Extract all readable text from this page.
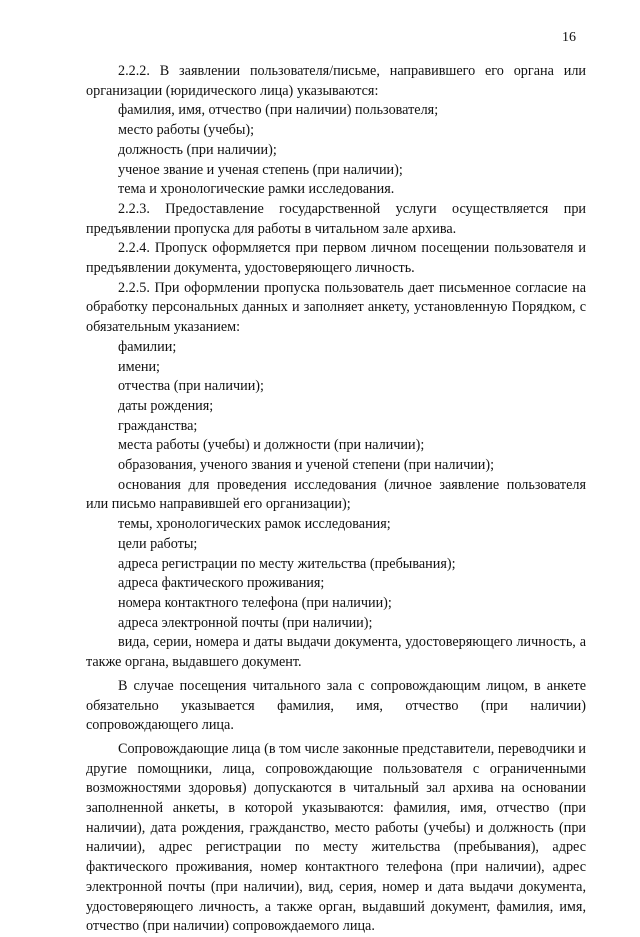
16

2.2.2. В заявлении пользователя/письме, направившего его органа или организации (юридического лица) указываются:

фамилия, имя, отчество (при наличии) пользователя;

место работы (учебы);

должность (при наличии);

ученое звание и ученая степень (при наличии);

тема и хронологические рамки исследования.

2.2.3. Предоставление государственной услуги осуществляется при предъявлении пропуска для работы в читальном зале архива.

2.2.4. Пропуск оформляется при первом личном посещении пользователя и предъявлении документа, удостоверяющего личность.

2.2.5. При оформлении пропуска пользователь дает письменное согласие на обработку персональных данных и заполняет анкету, установленную Порядком, с обязательным указанием:

фамилии;

имени;

отчества (при наличии);

даты рождения;

гражданства;

места работы (учебы) и должности (при наличии);

образования, ученого звания и ученой степени (при наличии);

основания для проведения исследования (личное заявление пользователя или письмо направившей его организации);

темы, хронологических рамок исследования;

цели работы;

адреса регистрации по месту жительства (пребывания);

адреса фактического проживания;

номера контактного телефона (при наличии);

адреса электронной почты (при наличии);

вида, серии, номера и даты выдачи документа, удостоверяющего личность, а также органа, выдавшего документ.

В случае посещения читального зала с сопровождающим лицом, в анкете обязательно указывается фамилия, имя, отчество (при наличии) сопровождающего лица.

Сопровождающие лица (в том числе законные представители, переводчики и другие помощники, лица, сопровождающие пользователя с ограниченными возможностями здоровья) допускаются в читальный зал архива на основании заполненной анкеты, в которой указываются: фамилия, имя, отчество (при наличии), дата рождения, гражданство, место работы (учебы) и должность (при наличии), адрес регистрации по месту жительства (пребывания), адрес фактического проживания, номер контактного телефона (при наличии), адрес электронной почты (при наличии), вид, серия, номер и дата выдачи документа, удостоверяющего личность, а также орган, выдавший документ, фамилия, имя, отчество (при наличии) сопровождаемого лица.
